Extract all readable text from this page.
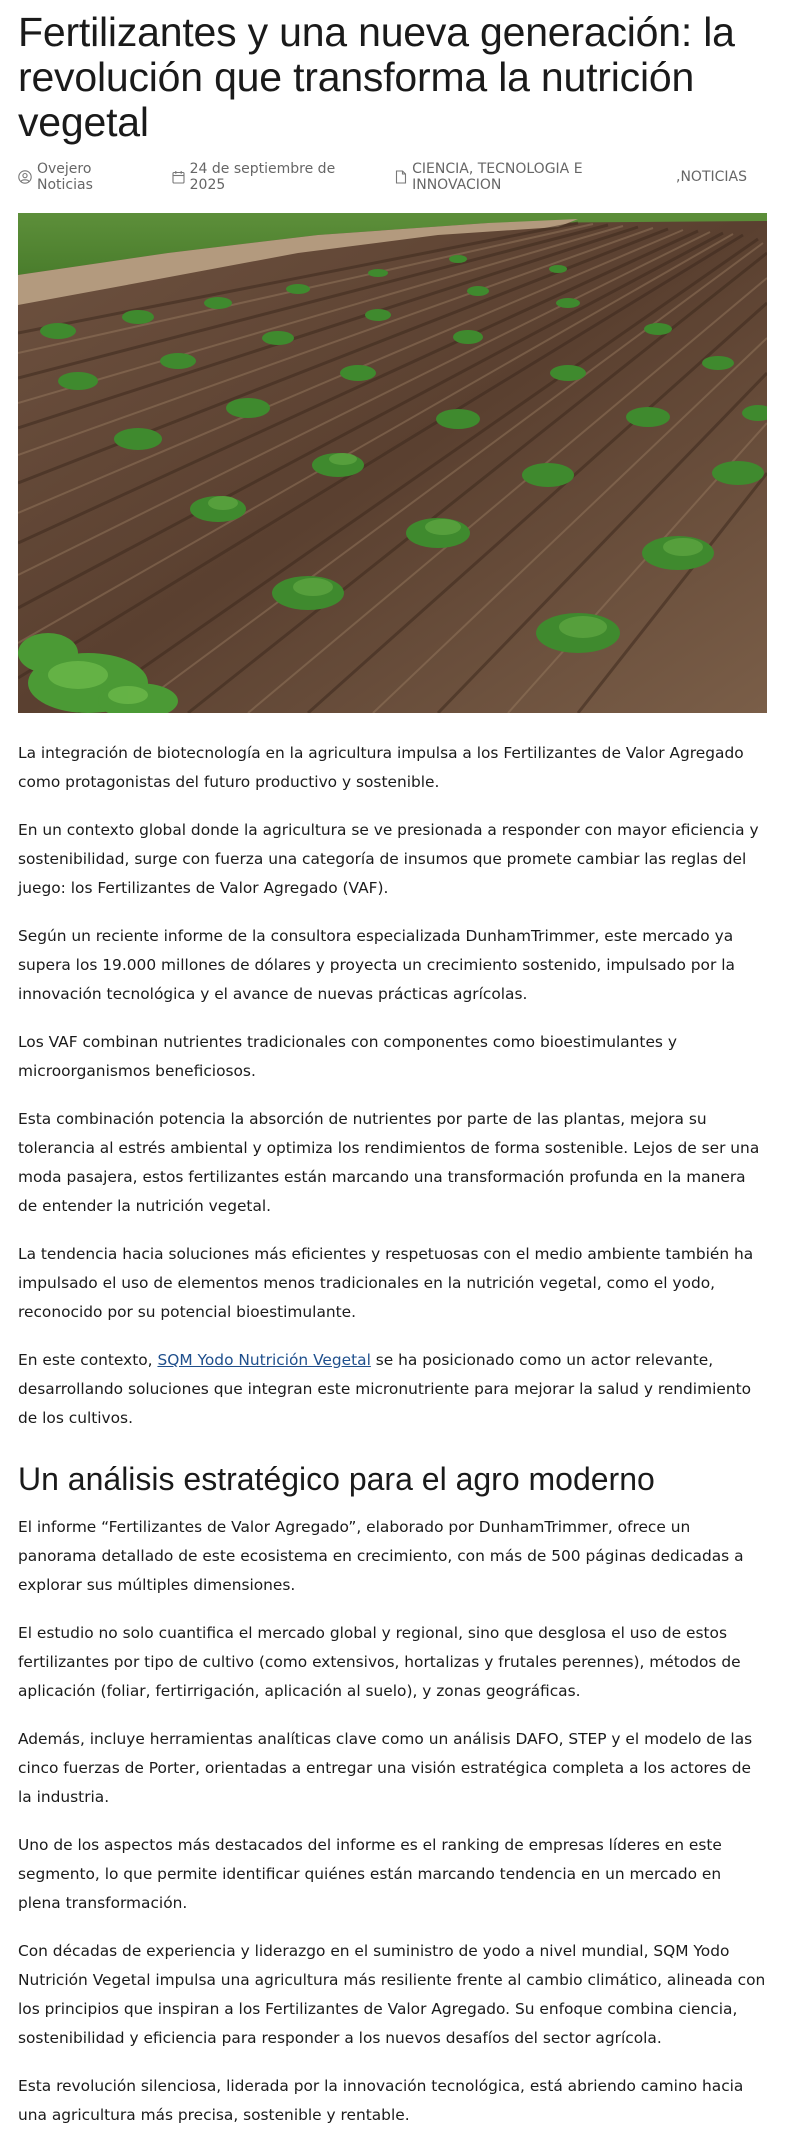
Fertilizantes y una nueva generación: la revolución que transforma la nutrición vegetal
Ovejero Noticias
24 de septiembre de 2025
CIENCIA, TECNOLOGIA E INNOVACION	, NOTICIAS

La integración de biotecnología en la agricultura impulsa a los Fertilizantes de Valor Agregado como protagonistas del futuro productivo y sostenible.

En un contexto global donde la agricultura se ve presionada a responder con mayor eficiencia y sostenibilidad, surge con fuerza una categoría de insumos que promete cambiar las reglas del juego: los Fertilizantes de Valor Agregado (VAF).

Según un reciente informe de la consultora especializada DunhamTrimmer, este mercado ya supera los 19.000 millones de dólares y proyecta un crecimiento sostenido, impulsado por la innovación tecnológica y el avance de nuevas prácticas agrícolas.

Los VAF combinan nutrientes tradicionales con componentes como bioestimulantes y microorganismos beneficiosos.

Esta combinación potencia la absorción de nutrientes por parte de las plantas, mejora su tolerancia al estrés ambiental y optimiza los rendimientos de forma sostenible. Lejos de ser una moda pasajera, estos fertilizantes están marcando una transformación profunda en la manera de entender la nutrición vegetal.

La tendencia hacia soluciones más eficientes y respetuosas con el medio ambiente también ha impulsado el uso de elementos menos tradicionales en la nutrición vegetal, como el yodo, reconocido por su potencial bioestimulante.

En este contexto, SQM Yodo Nutrición Vegetal se ha posicionado como un actor relevante, desarrollando soluciones que integran este micronutriente para mejorar la salud y rendimiento de los cultivos.

Un análisis estratégico para el agro moderno

El informe “Fertilizantes de Valor Agregado”, elaborado por DunhamTrimmer, ofrece un panorama detallado de este ecosistema en crecimiento, con más de 500 páginas dedicadas a explorar sus múltiples dimensiones.

El estudio no solo cuantifica el mercado global y regional, sino que desglosa el uso de estos fertilizantes por tipo de cultivo (como extensivos, hortalizas y frutales perennes), métodos de aplicación (foliar, fertirrigación, aplicación al suelo), y zonas geográficas.

Además, incluye herramientas analíticas clave como un análisis DAFO, STEP y el modelo de las cinco fuerzas de Porter, orientadas a entregar una visión estratégica completa a los actores de la industria.

Uno de los aspectos más destacados del informe es el ranking de empresas líderes en este segmento, lo que permite identificar quiénes están marcando tendencia en un mercado en plena transformación.

Con décadas de experiencia y liderazgo en el suministro de yodo a nivel mundial, SQM Yodo Nutrición Vegetal impulsa una agricultura más resiliente frente al cambio climático, alineada con los principios que inspiran a los Fertilizantes de Valor Agregado. Su enfoque combina ciencia, sostenibilidad y eficiencia para responder a los nuevos desafíos del sector agrícola.

Esta revolución silenciosa, liderada por la innovación tecnológica, está abriendo camino hacia una agricultura más precisa, sostenible y rentable.
